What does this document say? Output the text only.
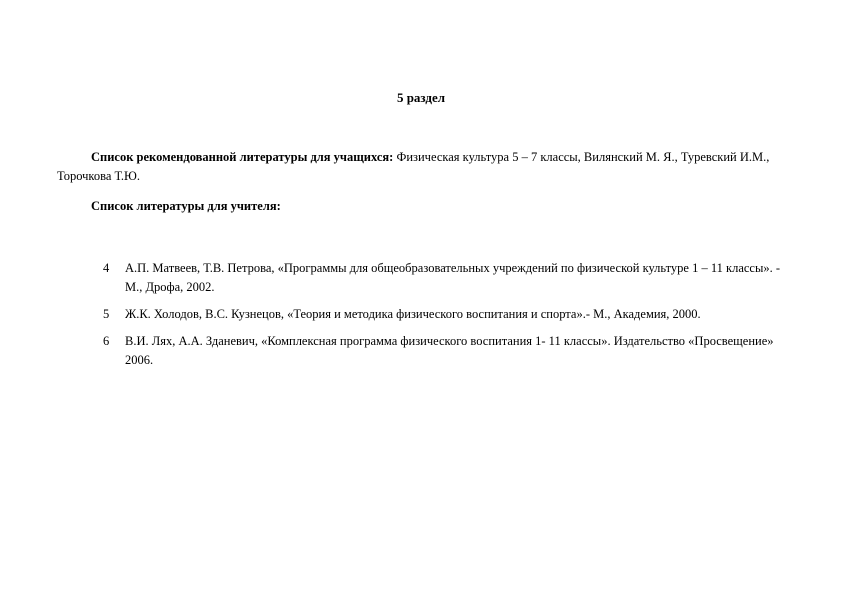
5 раздел
Список рекомендованной литературы для учащихся: Физическая культура 5 – 7 классы, Вилянский М. Я., Туревский И.М., Торочкова Т.Ю.
Список литературы для учителя:
4 А.П. Матвеев, Т.В. Петрова, «Программы для общеобразовательных учреждений по физической культуре 1 – 11 классы». - М., Дрофа, 2002.
5 Ж.К. Холодов, В.С. Кузнецов, «Теория и методика физического воспитания и спорта».- М., Академия, 2000.
6 В.И. Лях, А.А. Зданевич, «Комплексная программа физического воспитания 1- 11 классы». Издательство «Просвещение» 2006.
